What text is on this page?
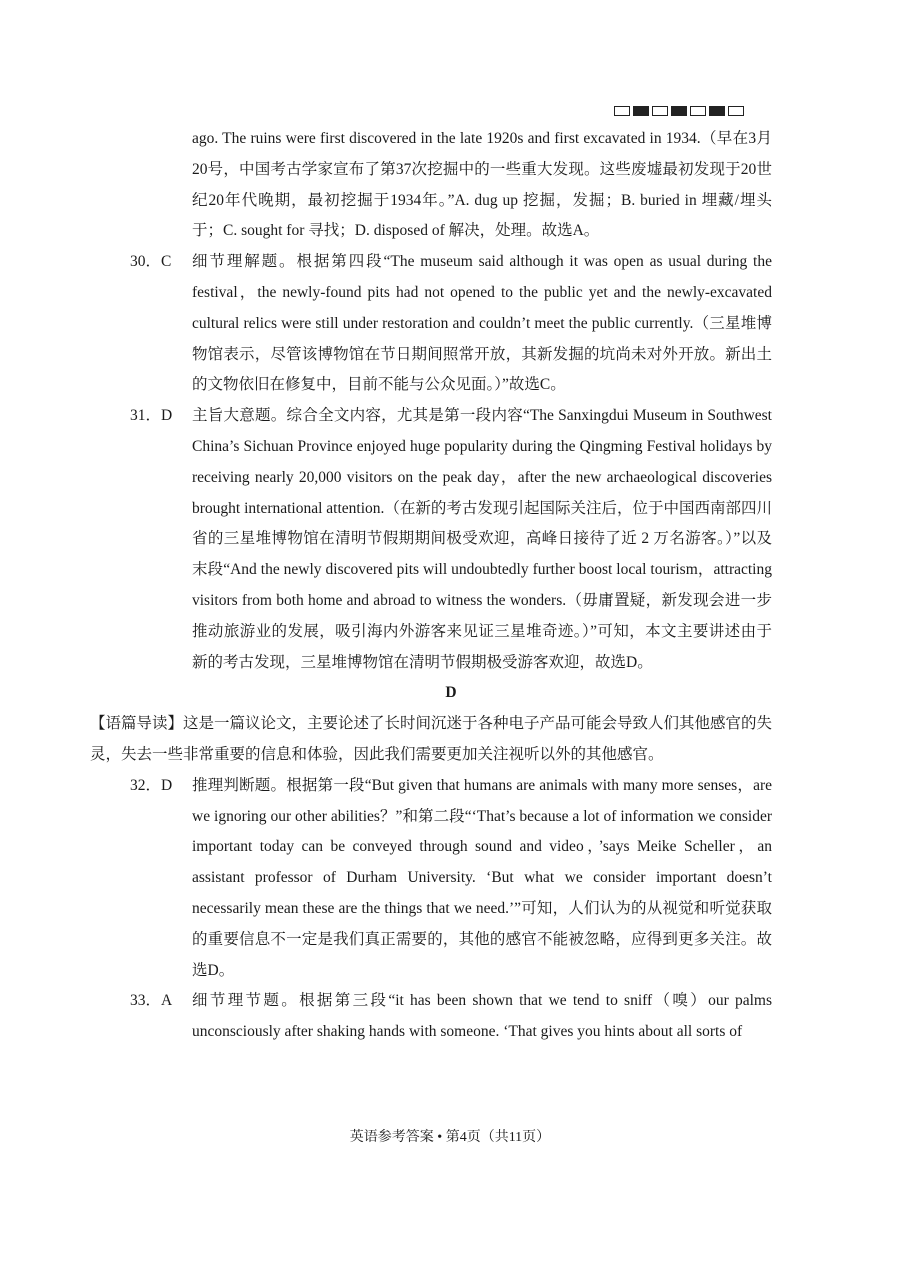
ago. The ruins were first discovered in the late 1920s and first excavated in 1934.（早在3月20号，中国考古学家宣布了第37次挖掘中的一些重大发现。这些废墟最初发现于20世纪20年代晚期，最初挖掘于1934年。”A. dug up 挖掘，发掘；B. buried in 埋藏/埋头于；C. sought for 寻找；D. disposed of 解决，处理。故选A。

30．C	细节理解题。根据第四段“The museum said although it was open as usual during the festival，the newly-found pits had not opened to the public yet and the newly-excavated cultural relics were still under restoration and couldn’t meet the public currently.（三星堆博物馆表示，尽管该博物馆在节日期间照常开放，其新发掘的坑尚未对外开放。新出土的文物依旧在修复中，目前不能与公众见面。）”故选C。

31．D	主旨大意题。综合全文内容，尤其是第一段内容“The Sanxingdui Museum in Southwest China’s Sichuan Province enjoyed huge popularity during the Qingming Festival holidays by receiving nearly 20,000 visitors on the peak day，after the new archaeological discoveries brought international attention.（在新的考古发现引起国际关注后，位于中国西南部四川省的三星堆博物馆在清明节假期期间极受欢迎，高峰日接待了近 2 万名游客。）”以及末段“And the newly discovered pits will undoubtedly further boost local tourism，attracting visitors from both home and abroad to witness the wonders.（毋庸置疑，新发现会进一步推动旅游业的发展，吸引海内外游客来见证三星堆奇迹。）”可知，本文主要讲述由于新的考古发现，三星堆博物馆在清明节假期极受游客欢迎，故选D。

D

【语篇导读】这是一篇议论文，主要论述了长时间沉迷于各种电子产品可能会导致人们其他感官的失灵，失去一些非常重要的信息和体验，因此我们需要更加关注视听以外的其他感官。

32．D	推理判断题。根据第一段“But given that humans are animals with many more senses，are we ignoring our other abilities？”和第二段“‘That’s because a lot of information we consider important today can be conveyed through sound and video，’says Meike Scheller，an assistant professor of Durham University. ‘But what we consider important doesn’t necessarily mean these are the things that we need.’”可知，人们认为的从视觉和听觉获取的重要信息不一定是我们真正需要的，其他的感官不能被忽略，应得到更多关注。故选D。

33．A	细节理节题。根据第三段“it has been shown that we tend to sniff（嗅）our palms unconsciously after shaking hands with someone. ‘That gives you hints about all sorts of

英语参考答案 • 第4页（共11页）
